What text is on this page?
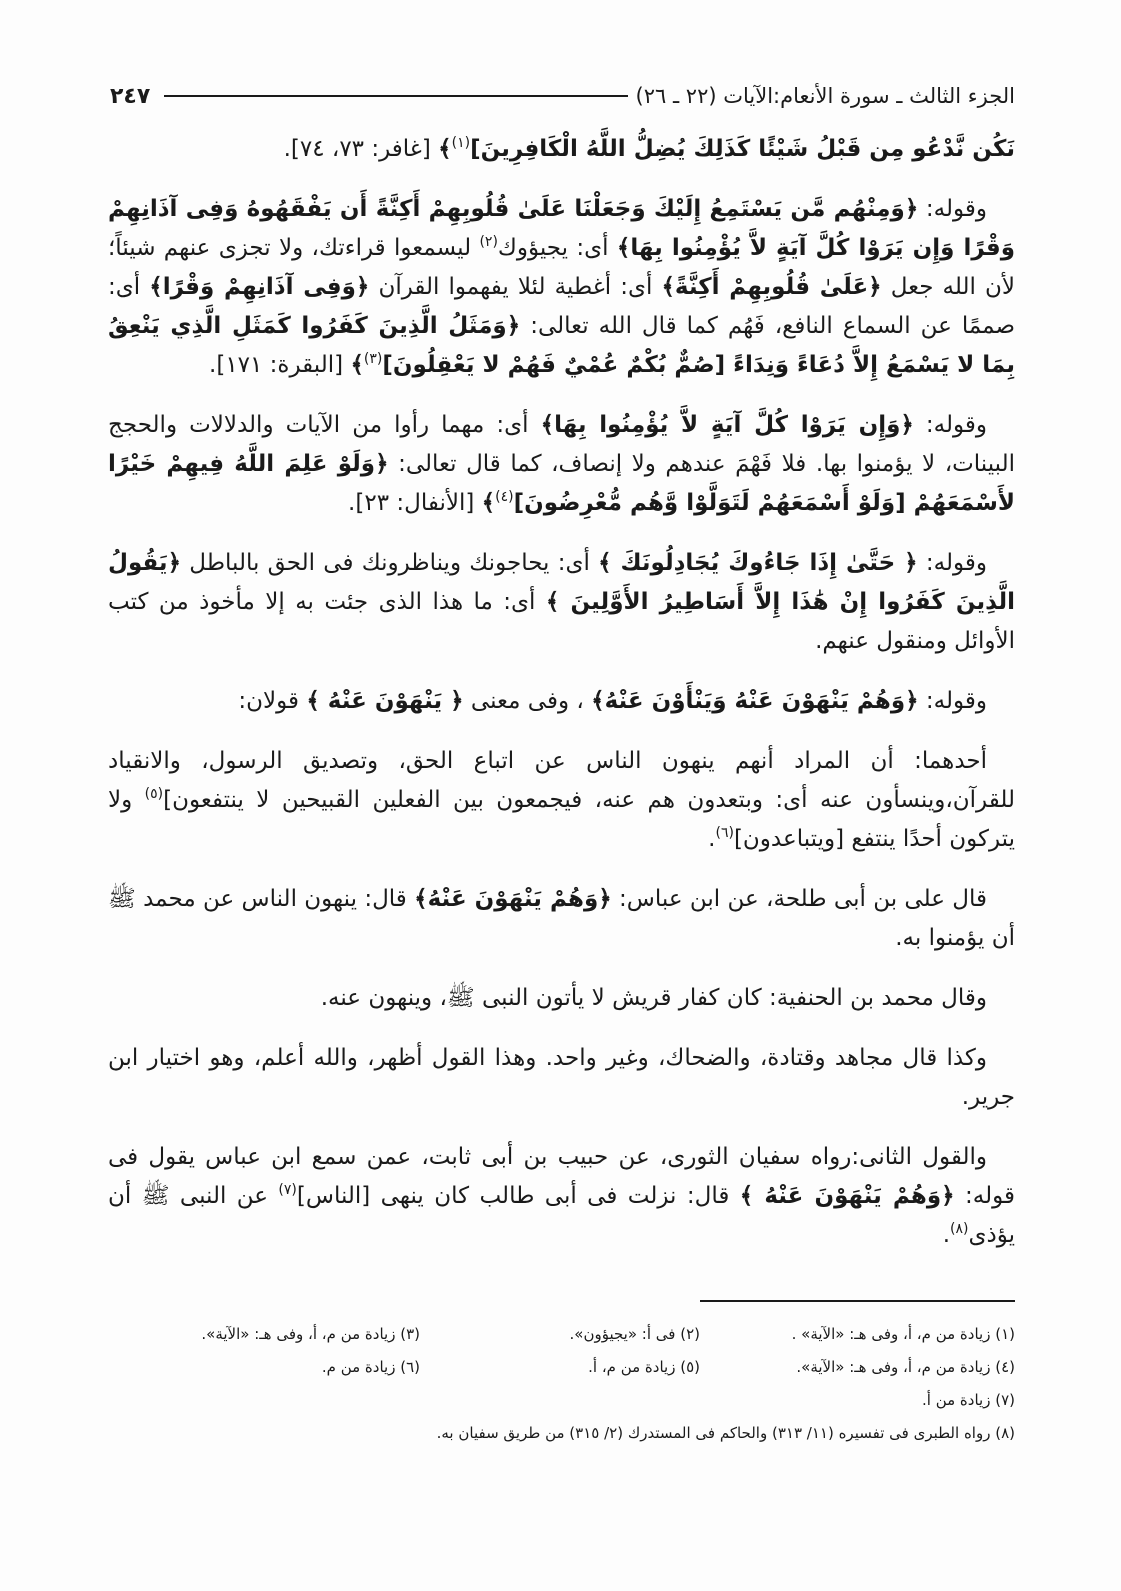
الجزء الثالث ـ سورة الأنعام:الآيات (٢٢ ـ ٢٦)
٢٤٧

نَكُن نَّدْعُو مِن قَبْلُ شَيْئًا كَذَلِكَ يُضِلُّ اللَّهُ الْكَافِرِينَ]$^{(١)}$﴾ [غافر: ٧٣، ٧٤].

وقوله: ﴿وَمِنْهُم مَّن يَسْتَمِعُ إِلَيْكَ وَجَعَلْنَا عَلَىٰ قُلُوبِهِمْ أَكِنَّةً أَن يَفْقَهُوهُ وَفِى آذَانِهِمْ وَقْرًا وَإِن يَرَوْا كُلَّ آيَةٍ لاَّ يُؤْمِنُوا بِهَا﴾ أى: يجيؤوك$^{(٢)}$ ليسمعوا قراءتك، ولا تجزى عنهم شيئاً؛ لأن الله جعل ﴿عَلَىٰ قُلُوبِهِمْ أَكِنَّةً﴾ أى: أغطية لئلا يفهموا القرآن ﴿وَفِى آذَانِهِمْ وَقْرًا﴾ أى: صممًا عن السماع النافع، فَهُم كما قال الله تعالى: ﴿وَمَثَلُ الَّذِينَ كَفَرُوا كَمَثَلِ الَّذِي يَنْعِقُ بِمَا لا يَسْمَعُ إِلاَّ دُعَاءً وَنِدَاءً [صُمٌّ بُكْمٌ عُمْيٌ فَهُمْ لا يَعْقِلُونَ]$^{(٣)}$﴾ [البقرة: ١٧١].

وقوله: ﴿وَإِن يَرَوْا كُلَّ آيَةٍ لاَّ يُؤْمِنُوا بِهَا﴾ أى: مهما رأوا من الآيات والدلالات والحجج البينات، لا يؤمنوا بها. فلا فَهْمَ عندهم ولا إنصاف، كما قال تعالى: ﴿وَلَوْ عَلِمَ اللَّهُ فِيهِمْ خَيْرًا لأَسْمَعَهُمْ [وَلَوْ أَسْمَعَهُمْ لَتَوَلَّوْا وَّهُم مُّعْرِضُونَ]$^{(٤)}$﴾ [الأنفال: ٢٣].

وقوله: ﴿ حَتَّىٰ إِذَا جَاءُوكَ يُجَادِلُونَكَ ﴾ أى: يحاجونك ويناظرونك فى الحق بالباطل ﴿يَقُولُ الَّذِينَ كَفَرُوا إِنْ هَٰذَا إِلاَّ أَسَاطِيرُ الأَوَّلِينَ ﴾ أى: ما هذا الذى جئت به إلا مأخوذ من كتب الأوائل ومنقول عنهم.

وقوله: ﴿وَهُمْ يَنْهَوْنَ عَنْهُ وَيَنْأَوْنَ عَنْهُ﴾ ، وفى معنى ﴿ يَنْهَوْنَ عَنْهُ ﴾ قولان:

أحدهما: أن المراد أنهم ينهون الناس عن اتباع الحق، وتصديق الرسول، والانقياد للقرآن،وينسأون عنه أى: وبتعدون هم عنه، فيجمعون بين الفعلين القبيحين لا ينتفعون]$^{(٥)}$ ولا يتركون أحدًا ينتفع [ويتباعدون]$^{(٦)}$.

قال على بن أبى طلحة، عن ابن عباس: ﴿وَهُمْ يَنْهَوْنَ عَنْهُ﴾ قال: ينهون الناس عن محمد ﷺ أن يؤمنوا به.

وقال محمد بن الحنفية: كان كفار قريش لا يأتون النبى ﷺ، وينهون عنه.

وكذا قال مجاهد وقتادة، والضحاك، وغير واحد. وهذا القول أظهر، والله أعلم، وهو اختيار ابن جرير.

والقول الثانى:رواه سفيان الثورى، عن حبيب بن أبى ثابت، عمن سمع ابن عباس يقول فى قوله: ﴿وَهُمْ يَنْهَوْنَ عَنْهُ ﴾ قال: نزلت فى أبى طالب كان ينهى [الناس]$^{(٧)}$ عن النبى ﷺ أن يؤذى$^{(٨)}$.

(١) زيادة من م، أ، وفى هـ: «الآية» .
(٢) فى أ: «يجيؤون».
(٣) زيادة من م، أ، وفى هـ: «الآية».
(٤) زيادة من م، أ، وفى هـ: «الآية».
(٥) زيادة من م، أ.
(٦) زيادة من م.
(٧) زيادة من أ.
(٨) رواه الطبرى فى تفسيره (١١/ ٣١٣) والحاكم فى المستدرك (٢/ ٣١٥) من طريق سفيان به.
